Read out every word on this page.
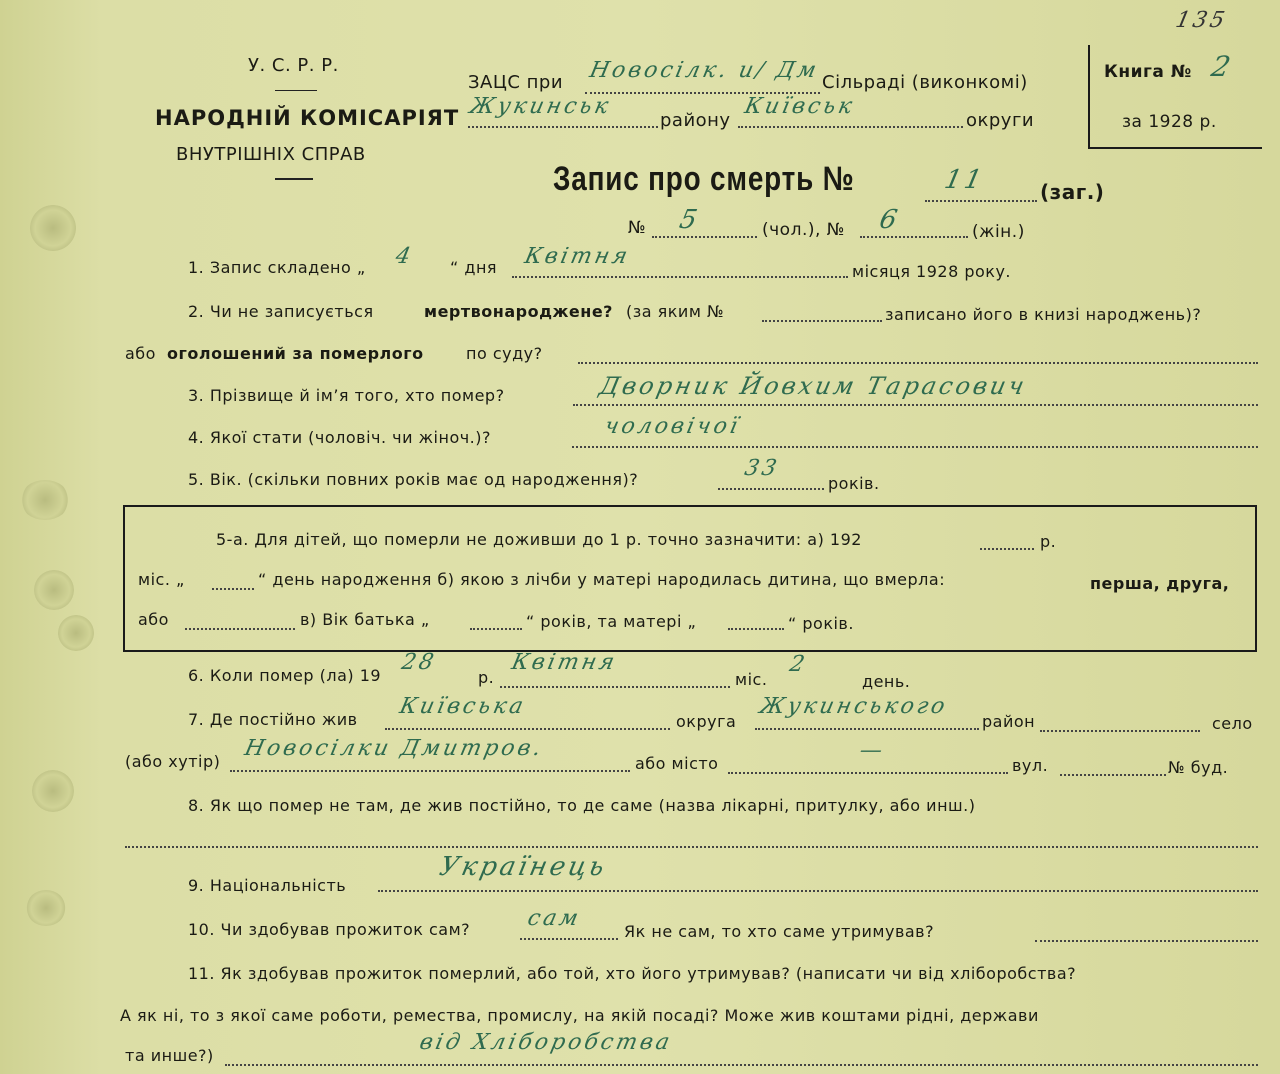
У. С. Р. Р.
НАРОДНІЙ КОМІСАРІЯТ
ВНУТРІШНІХ СПРАВ
ЗАЦС при Новосілк. и/ Дм Сільраді (виконкомі)
Жукинськ
району
Київськ
округи
Книга № 2
за 1928 р.
135
Запис про смерть №	11	(заг.)
№ 5	(чол.), № 6	(жін.)
1. Запис складено „ 4 “ дня Квітня
місяця 1928 року.
2. Чи не записується	мертвонароджене? (за яким №	записано його в книзі народжень)?
або оголошений за померлого	по суду?
3. Прізвище й ім’я того, хто помер?	Дворник Йовхим Тарасович
4. Якої стати (чоловіч. чи жіноч.)?	чоловічої
5. Вік. (скільки повних років має од народження)?	33
років.
5-а. Для дітей, що померли не доживши до 1 р. точно зазначити: а) 192	р.
міс. „	“ день народження б) якою з лічби у матері народилась дитина, що вмерла:	перша, друга,
або	в) Вік батька „	“ років, та матері „	“ років.
6. Коли помер (ла) 19
28
р.
Квітня
міс.
2
день.
7. Де постійно жив
Київська
округа
Жукинського
район	село
(або хутір)
Новосілки Дмитров.
або місто
—
вул.	№ буд.
8. Як що помер не там, де жив постійно, то де саме (назва лікарні, притулку, або инш.)
9. Національність
Українець
10. Чи здобував прожиток сам?	сам
Як не сам, то хто саме утримував?
11. Як здобував прожиток померлий, або той, хто його утримував? (написати чи від хліборобства?
А як ні, то з якої саме роботи, ремества, промислу, на якій посаді? Може жив коштами рідні, держави
та инше?)
від Хліборобства
